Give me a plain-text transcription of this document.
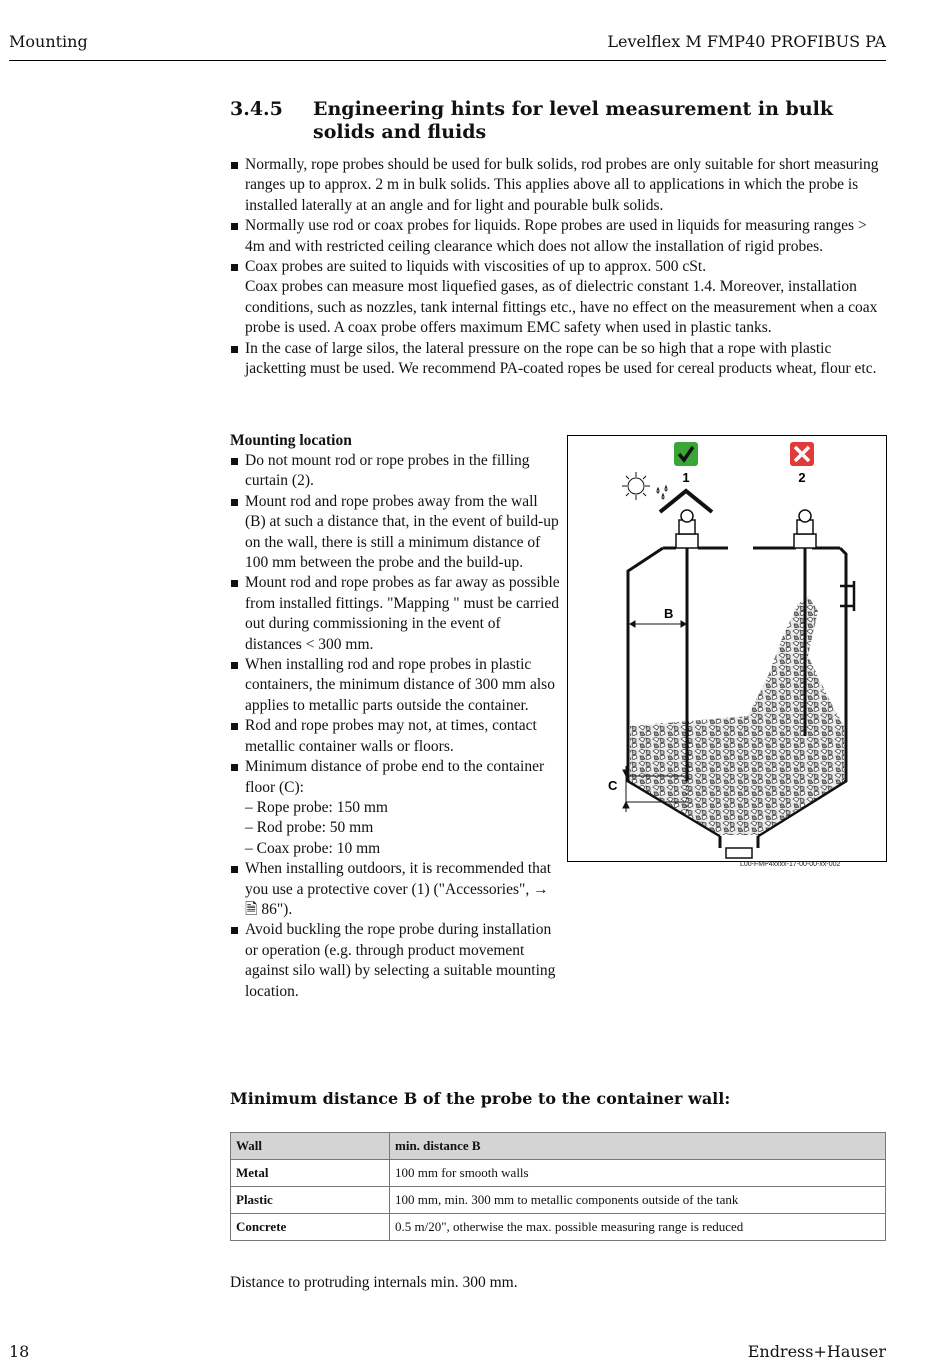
Mounting	Levelflex M FMP40 PROFIBUS PA
3.4.5 Engineering hints for level measurement in bulk solids and fluids
Normally, rope probes should be used for bulk solids, rod probes are only suitable for short measuring ranges up to approx. 2 m in bulk solids. This applies above all to applications in which the probe is installed laterally at an angle and for light and pourable bulk solids.
Normally use rod or coax probes for liquids. Rope probes are used in liquids for measuring ranges > 4m and with restricted ceiling clearance which does not allow the installation of rigid probes.
Coax probes are suited to liquids with viscosities of up to approx. 500 cSt.
Coax probes can measure most liquefied gases, as of dielectric constant 1.4. Moreover, installation conditions, such as nozzles, tank internal fittings etc., have no effect on the measurement when a coax probe is used. A coax probe offers maximum EMC safety when used in plastic tanks.
In the case of large silos, the lateral pressure on the rope can be so high that a rope with plastic jacketting must be used. We recommend PA-coated ropes be used for cereal products wheat, flour etc.
Mounting location
Do not mount rod or rope probes in the filling curtain (2).
Mount rod and rope probes away from the wall (B) at such a distance that, in the event of build-up on the wall, there is still a minimum distance of 100 mm between the probe and the build-up.
Mount rod and rope probes as far away as possible from installed fittings. "Mapping " must be carried out during commissioning in the event of distances < 300 mm.
When installing rod and rope probes in plastic containers, the minimum distance of 300 mm also applies to metallic parts outside the container.
Rod and rope probes may not, at times, contact metallic container walls or floors.
Minimum distance of probe end to the container floor (C):
– Rope probe: 150 mm
– Rod probe: 50 mm
– Coax probe: 10 mm
When installing outdoors, it is recommended that you use a protective cover (1) ("Accessories", → 🗎 86").
Avoid buckling the rope probe during installation or operation (e.g. through product movement against silo wall) by selecting a suitable mounting location.
1	2
B
C
L00-FMP4xxxx-17-00-00-xx-002
Minimum distance B of the probe to the container wall:
Wall	min. distance B
Metal	100 mm for smooth walls
Plastic	100 mm, min. 300 mm to metallic components outside of the tank
Concrete	0.5 m/20", otherwise the max. possible measuring range is reduced
Distance to protruding internals min. 300 mm.
18	Endress+Hauser
